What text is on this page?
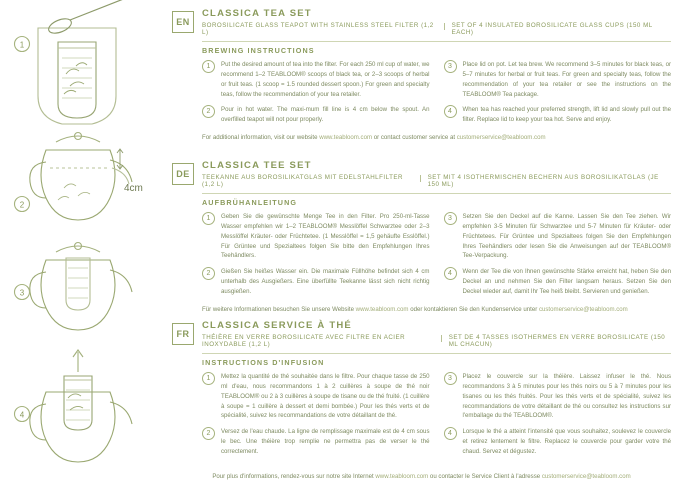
1
2
3
4
4cm
EN
CLASSICA TEA SET
BOROSILICATE GLASS TEAPOT WITH STAINLESS STEEL FILTER (1,2 L)
SET OF 4 INSULATED BOROSILICATE GLASS CUPS (150 ML EACH)
BREWING INSTRUCTIONS
1	Put the desired amount of tea into the filter. For each 250 ml cup of water, we recommend 1–2 TEABLOOM® scoops of black tea, or 2–3 scoops of herbal or fruit teas. (1 scoop = 1.5 rounded dessert spoon.) For green and specialty teas, follow the recommendation of your tea retailer.
2	Pour in hot water. The maxi-mum fill line is 4 cm below the spout. An overfilled teapot will not pour properly.
3	Place lid on pot. Let tea brew. We recommend 3–5 minutes for black teas, or 5–7 minutes for herbal or fruit teas. For green and specialty teas, follow the recommendation of your tea retailer or see the instructions on the TEABLOOM® Tea package.
4	When tea has reached your preferred strength, lift lid and slowly pull out the filter. Replace lid to keep your tea hot. Serve and enjoy.
For additional information, visit our website www.teabloom.com or contact customer service at customerservice@teabloom.com
DE
CLASSICA TEE SET
TEEKANNE AUS BOROSILIKATGLAS MIT EDELSTAHLFILTER (1,2 L)
SET MIT 4 ISOTHERMISCHEN BECHERN AUS BOROSILIKATGLAS (JE 150 ML)
AUFBRÜHANLEITUNG
1	Geben Sie die gewünschte Menge Tee in den Filter. Pro 250-ml-Tasse Wasser empfehlen wir 1–2 TEABLOOM® Messlöffel Schwarztee oder 2–3 Messlöffel Kräuter- oder Früchtetee. (1 Messlöffel = 1,5 gehäufte Esslöffel.) Für Grüntee und Spezialtees folgen Sie bitte den Empfehlungen Ihres Teehändlers.
2	Gießen Sie heißes Wasser ein. Die maximale Füllhöhe befindet sich 4 cm unterhalb des Ausgießers. Eine überfüllte Teekanne lässt sich nicht richtig ausgießen.
3	Setzen Sie den Deckel auf die Kanne. Lassen Sie den Tee ziehen. Wir empfehlen 3-5 Minuten für Schwarztee und 5-7 Minuten für Kräuter- oder Früchtetees. Für Grüntee und Spezialtees folgen Sie den Empfehlungen Ihres Teehändlers oder lesen Sie die Anweisungen auf der TEABLOOM® Tee-Verpackung.
4	Wenn der Tee die von Ihnen gewünschte Stärke erreicht hat, heben Sie den Deckel an und nehmen Sie den Filter langsam heraus. Setzen Sie den Deckel wieder auf, damit Ihr Tee heiß bleibt. Servieren und genießen.
Für weitere Informationen besuchen Sie unsere Website www.teabloom.com oder kontaktieren Sie den Kundenservice unter customerservice@teabloom.com
FR
CLASSICA SERVICE À THÉ
THÉIÈRE EN VERRE BOROSILICATE AVEC FILTRE EN ACIER INOXYDABLE (1,2 L)
SET DE 4 TASSES ISOTHERMES EN VERRE BOROSILICATE (150 ML CHACUN)
INSTRUCTIONS D'INFUSION
1	Mettez la quantité de thé souhaitée dans le filtre. Pour chaque tasse de 250 ml d'eau, nous recommandons 1 à 2 cuillères à soupe de thé noir TEABLOOM® ou 2 à 3 cuillères à soupe de tisane ou de thé fruité. (1 cuillère à soupe = 1 cuillère à dessert et demi bombée.) Pour les thés verts et de spécialité, suivez les recommandations de votre détaillant de thé.
2	Versez de l'eau chaude. La ligne de remplissage maximale est de 4 cm sous le bec. Une théière trop remplie ne permettra pas de verser le thé correctement.
3	Placez le couvercle sur la théière. Laissez infuser le thé. Nous recommandons 3 à 5 minutes pour les thés noirs ou 5 à 7 minutes pour les tisanes ou les thés fruités. Pour les thés verts et de spécialité, suivez les recommandations de votre détaillant de thé ou consultez les instructions sur l'emballage du thé TEABLOOM®.
4	Lorsque le thé a atteint l'intensité que vous souhaitez, soulevez le couvercle et retirez lentement le filtre. Replacez le couvercle pour garder votre thé chaud. Servez et dégustez.
Pour plus d'informations, rendez-vous sur notre site Internet www.teabloom.com ou contacter le Service Client à l'adresse customerservice@teabloom.com
